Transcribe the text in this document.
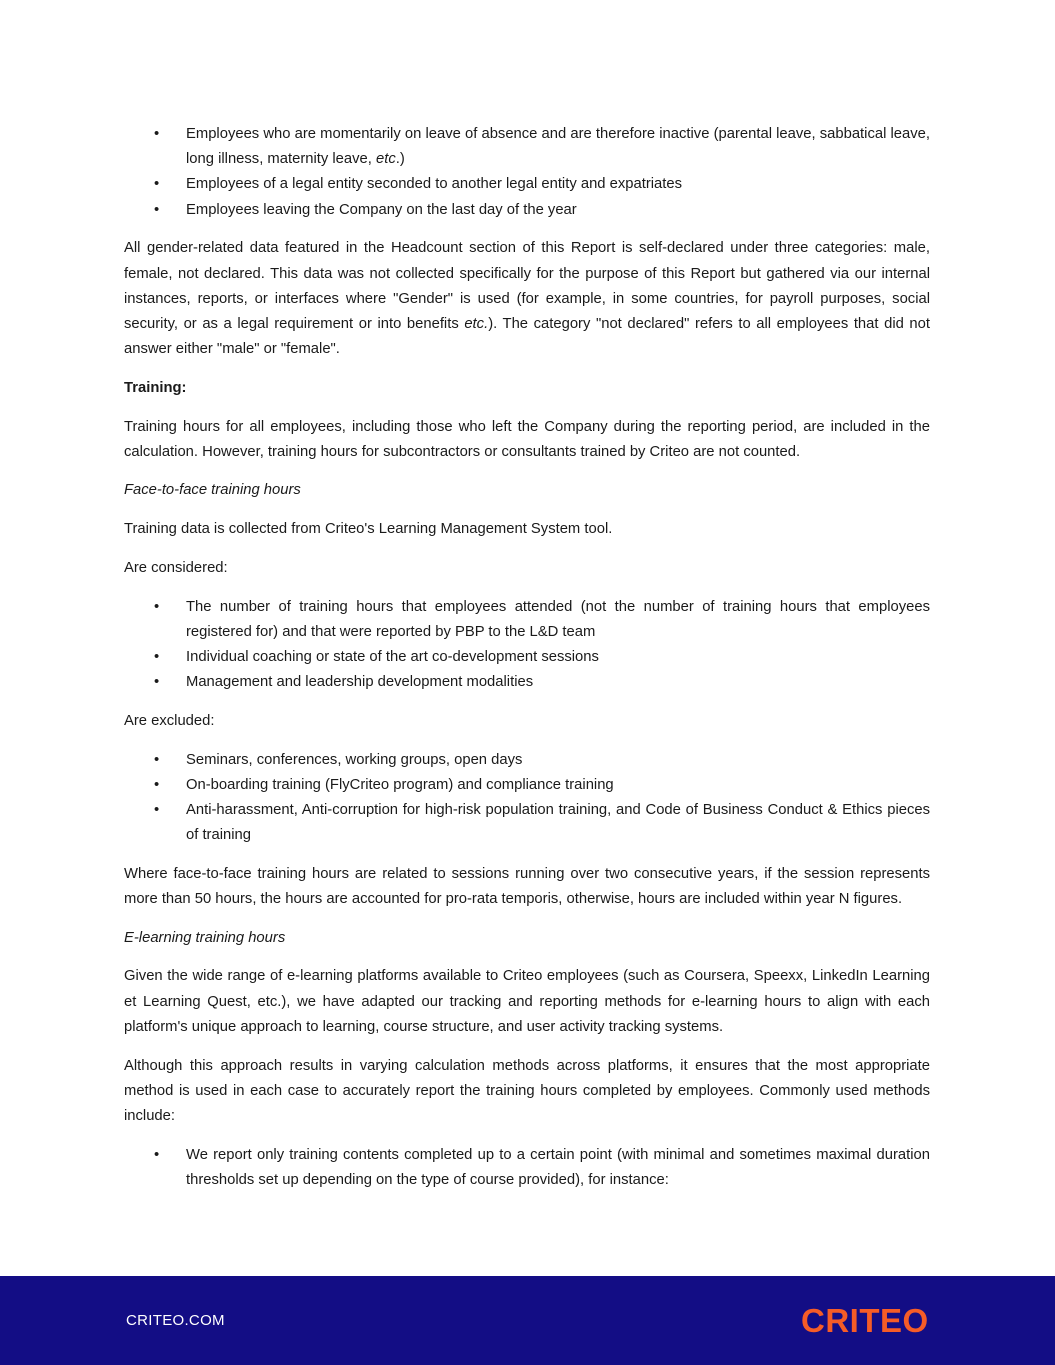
• Employees who are momentarily on leave of absence and are therefore inactive (parental leave, sabbatical leave, long illness, maternity leave, etc.)
• Employees of a legal entity seconded to another legal entity and expatriates
• Employees leaving the Company on the last day of the year

All gender-related data featured in the Headcount section of this Report is self-declared under three categories: male, female, not declared. This data was not collected specifically for the purpose of this Report but gathered via our internal instances, reports, or interfaces where "Gender" is used (for example, in some countries, for payroll purposes, social security, or as a legal requirement or into benefits etc.). The category "not declared" refers to all employees that did not answer either "male" or "female".

Training:

Training hours for all employees, including those who left the Company during the reporting period, are included in the calculation. However, training hours for subcontractors or consultants trained by Criteo are not counted.

Face-to-face training hours

Training data is collected from Criteo's Learning Management System tool.

Are considered:

• The number of training hours that employees attended (not the number of training hours that employees registered for) and that were reported by PBP to the L&D team
• Individual coaching or state of the art co-development sessions
• Management and leadership development modalities

Are excluded:

• Seminars, conferences, working groups, open days
• On-boarding training (FlyCriteo program) and compliance training
• Anti-harassment, Anti-corruption for high-risk population training, and Code of Business Conduct & Ethics pieces of training

Where face-to-face training hours are related to sessions running over two consecutive years, if the session represents more than 50 hours, the hours are accounted for pro-rata temporis, otherwise, hours are included within year N figures.

E-learning training hours

Given the wide range of e-learning platforms available to Criteo employees (such as Coursera, Speexx, LinkedIn Learning et Learning Quest, etc.), we have adapted our tracking and reporting methods for e-learning hours to align with each platform's unique approach to learning, course structure, and user activity tracking systems.

Although this approach results in varying calculation methods across platforms, it ensures that the most appropriate method is used in each case to accurately report the training hours completed by employees. Commonly used methods include:

• We report only training contents completed up to a certain point (with minimal and sometimes maximal duration thresholds set up depending on the type of course provided), for instance:
CRITEO.COM	CRITEO
